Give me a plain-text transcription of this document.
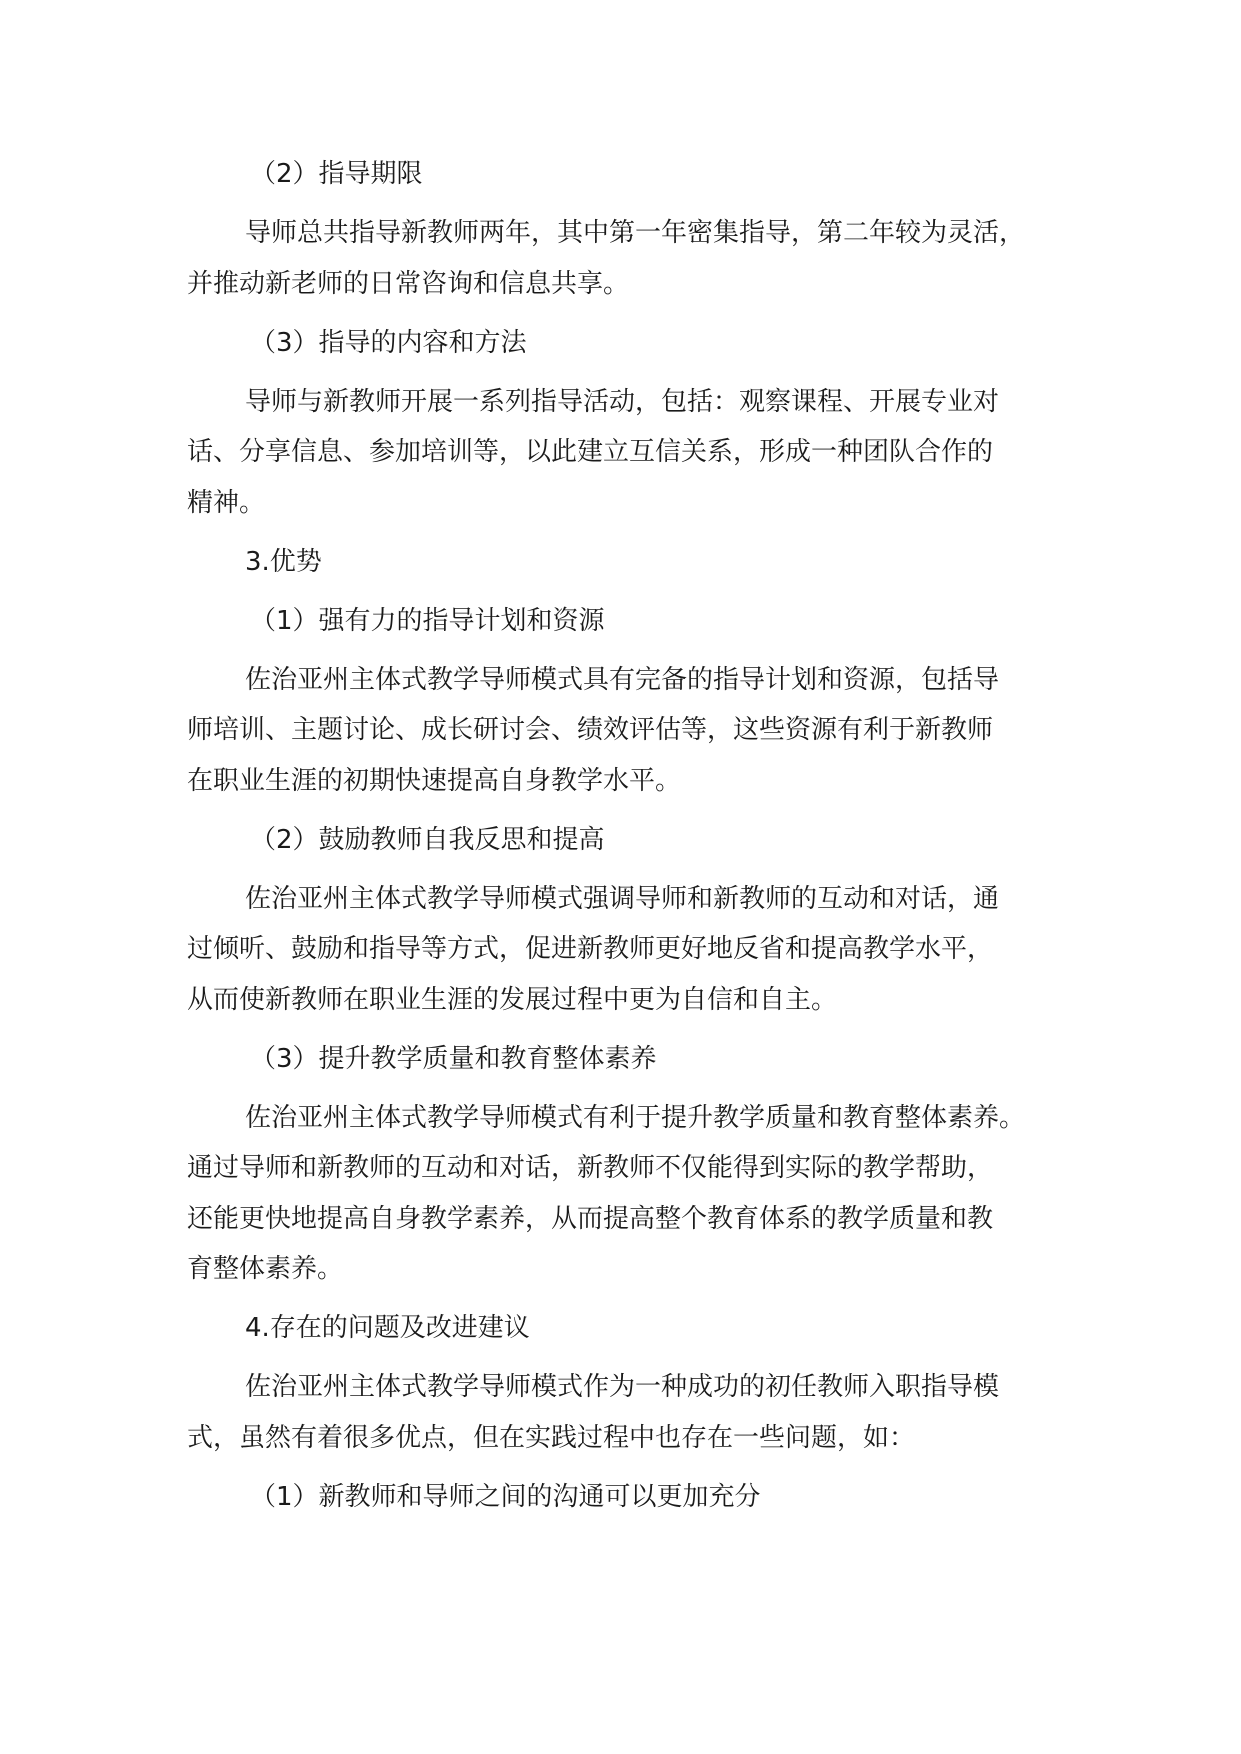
（2）指导期限
导师总共指导新教师两年，其中第一年密集指导，第二年较为灵活，
并推动新老师的日常咨询和信息共享。
（3）指导的内容和方法
导师与新教师开展一系列指导活动，包括：观察课程、开展专业对
话、分享信息、参加培训等，以此建立互信关系，形成一种团队合作的
精神。
3.优势
（1）强有力的指导计划和资源
佐治亚州主体式教学导师模式具有完备的指导计划和资源，包括导
师培训、主题讨论、成长研讨会、绩效评估等，这些资源有利于新教师
在职业生涯的初期快速提高自身教学水平。
（2）鼓励教师自我反思和提高
佐治亚州主体式教学导师模式强调导师和新教师的互动和对话，通
过倾听、鼓励和指导等方式，促进新教师更好地反省和提高教学水平，
从而使新教师在职业生涯的发展过程中更为自信和自主。
（3）提升教学质量和教育整体素养
佐治亚州主体式教学导师模式有利于提升教学质量和教育整体素养。
通过导师和新教师的互动和对话，新教师不仅能得到实际的教学帮助，
还能更快地提高自身教学素养，从而提高整个教育体系的教学质量和教
育整体素养。
4.存在的问题及改进建议
佐治亚州主体式教学导师模式作为一种成功的初任教师入职指导模
式，虽然有着很多优点，但在实践过程中也存在一些问题，如：
（1）新教师和导师之间的沟通可以更加充分
